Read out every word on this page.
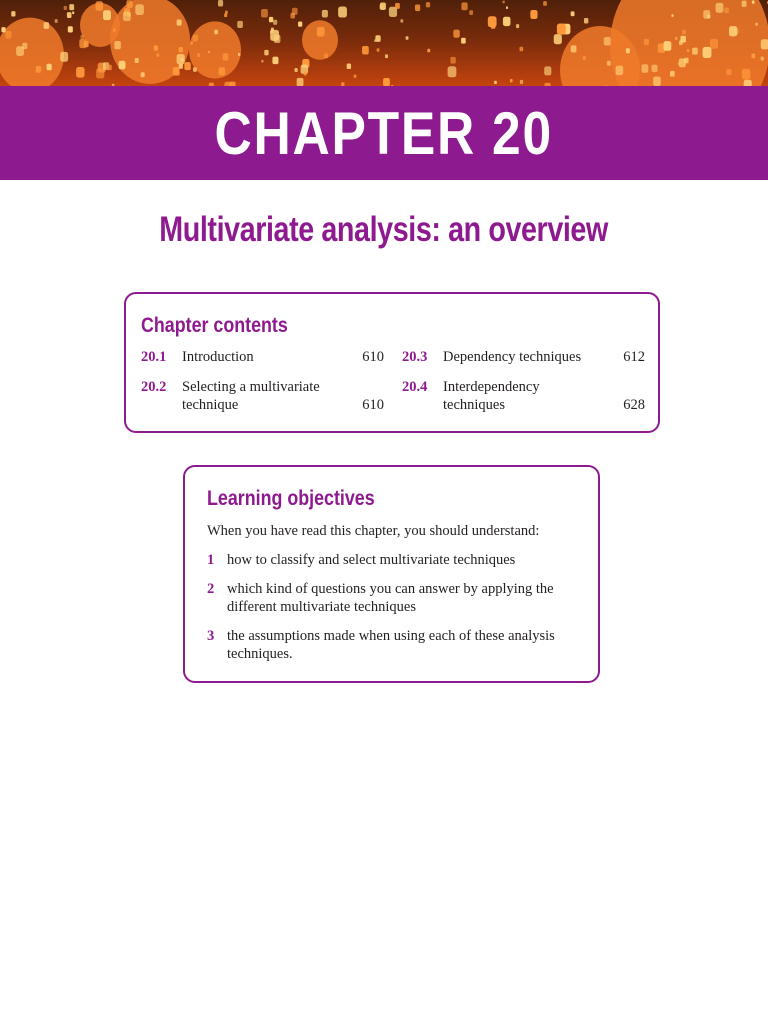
CHAPTER 20
Multivariate analysis: an overview
Chapter contents
20.1 Introduction	610
20.2 Selecting a multivariate technique	610
20.3 Dependency techniques	612
20.4 Interdependency techniques	628
Learning objectives

When you have read this chapter, you should understand:

1 how to classify and select multivariate techniques
2 which kind of questions you can answer by applying the different multivariate techniques
3 the assumptions made when using each of these analysis techniques.
